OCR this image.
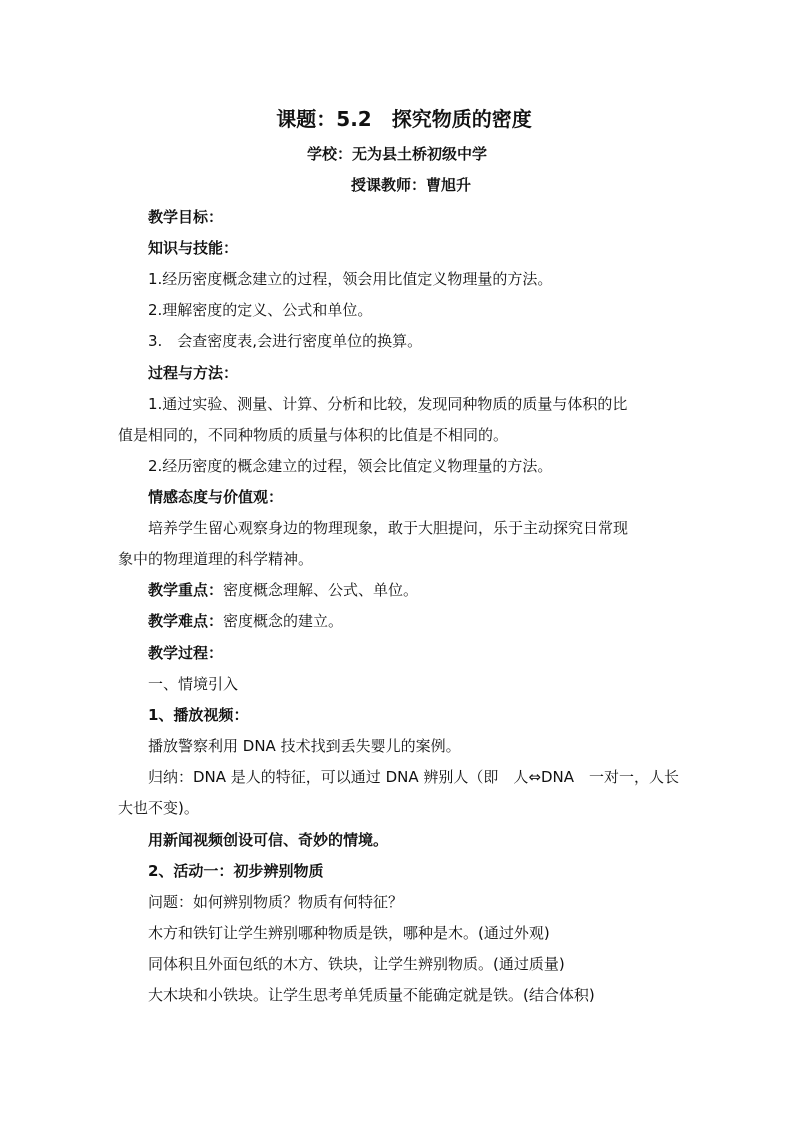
课题：5.2　探究物质的密度
学校：无为县土桥初级中学
授课教师：曹旭升
教学目标：
知识与技能：
1.经历密度概念建立的过程，领会用比值定义物理量的方法。
2.理解密度的定义、公式和单位。
3.　会查密度表,会进行密度单位的换算。
过程与方法：
1.通过实验、测量、计算、分析和比较，发现同种物质的质量与体积的比
值是相同的，不同种物质的质量与体积的比值是不相同的。
2.经历密度的概念建立的过程，领会比值定义物理量的方法。
情感态度与价值观：
培养学生留心观察身边的物理现象，敢于大胆提问，乐于主动探究日常现
象中的物理道理的科学精神。
教学重点：密度概念理解、公式、单位。
教学难点：密度概念的建立。
教学过程：
一、情境引入
1、播放视频：
播放警察利用 DNA 技术找到丢失婴儿的案例。
归纳：DNA 是人的特征，可以通过 DNA 辨别人（即　人⇔DNA　一对一，人长
大也不变)。
用新闻视频创设可信、奇妙的情境。
2、活动一：初步辨别物质
问题：如何辨别物质？物质有何特征？
木方和铁钉让学生辨别哪种物质是铁，哪种是木。(通过外观)
同体积且外面包纸的木方、铁块，让学生辨别物质。(通过质量)
大木块和小铁块。让学生思考单凭质量不能确定就是铁。(结合体积)
